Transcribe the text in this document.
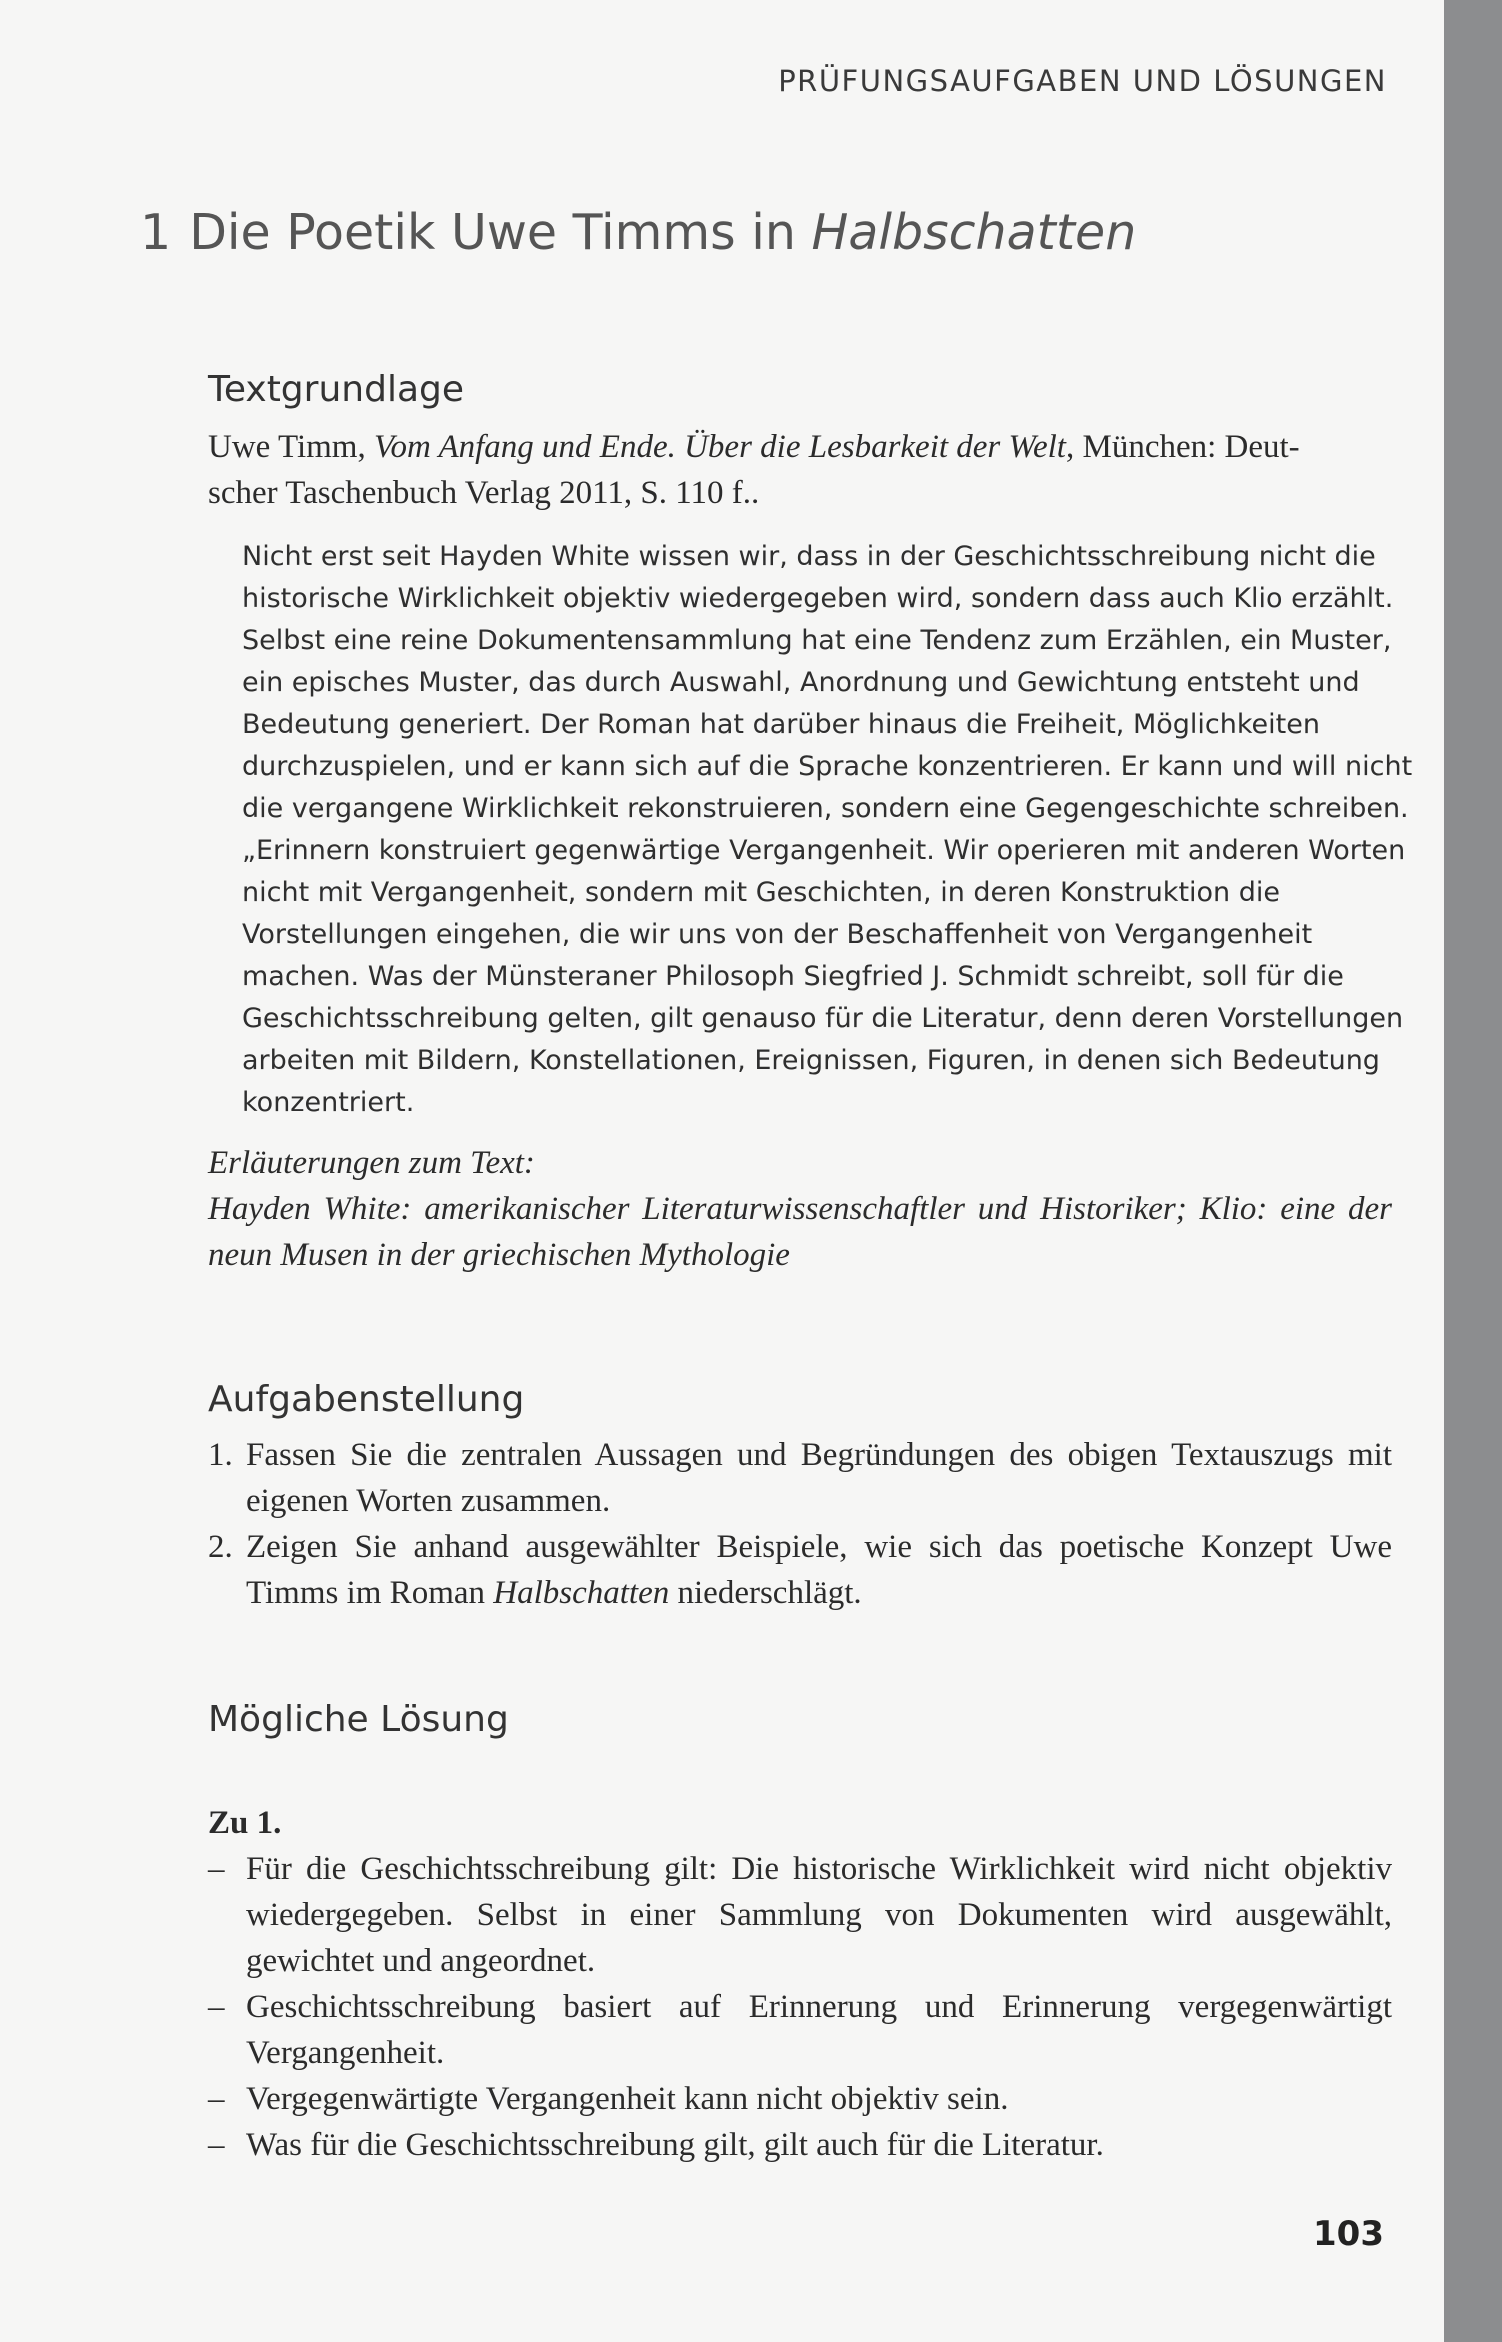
PRÜFUNGSAUFGABEN UND LÖSUNGEN
1 Die Poetik Uwe Timms in Halbschatten
Textgrundlage
Uwe Timm, Vom Anfang und Ende. Über die Lesbarkeit der Welt, München: Deut-
scher Taschenbuch Verlag 2011, S. 110 f..
Nicht erst seit Hayden White wissen wir, dass in der Geschichtsschreibung nicht die
historische Wirklichkeit objektiv wiedergegeben wird, sondern dass auch Klio erzählt.
Selbst eine reine Dokumentensammlung hat eine Tendenz zum Erzählen, ein Muster,
ein episches Muster, das durch Auswahl, Anordnung und Gewichtung entsteht und
Bedeutung generiert. Der Roman hat darüber hinaus die Freiheit, Möglichkeiten
durchzuspielen, und er kann sich auf die Sprache konzentrieren. Er kann und will nicht
die vergangene Wirklichkeit rekonstruieren, sondern eine Gegengeschichte schreiben.
„Erinnern konstruiert gegenwärtige Vergangenheit. Wir operieren mit anderen Worten
nicht mit Vergangenheit, sondern mit Geschichten, in deren Konstruktion die
Vorstellungen eingehen, die wir uns von der Beschaffenheit von Vergangenheit
machen. Was der Münsteraner Philosoph Siegfried J. Schmidt schreibt, soll für die
Geschichtsschreibung gelten, gilt genauso für die Literatur, denn deren Vorstellungen
arbeiten mit Bildern, Konstellationen, Ereignissen, Figuren, in denen sich Bedeutung
konzentriert.
Erläuterungen zum Text:
Hayden White: amerikanischer Literaturwissenschaftler und Historiker; Klio: eine der neun Musen in der griechischen Mythologie
Aufgabenstellung
1. Fassen Sie die zentralen Aussagen und Begründungen des obigen Textauszugs mit eigenen Worten zusammen.
2. Zeigen Sie anhand ausgewählter Beispiele, wie sich das poetische Konzept Uwe Timms im Roman Halbschatten niederschlägt.
Mögliche Lösung
Zu 1.
– Für die Geschichtsschreibung gilt: Die historische Wirklichkeit wird nicht objektiv wiedergegeben. Selbst in einer Sammlung von Dokumenten wird ausgewählt, gewichtet und angeordnet.
– Geschichtsschreibung basiert auf Erinnerung und Erinnerung vergegenwärtigt Vergangenheit.
– Vergegenwärtigte Vergangenheit kann nicht objektiv sein.
– Was für die Geschichtsschreibung gilt, gilt auch für die Literatur.
103
